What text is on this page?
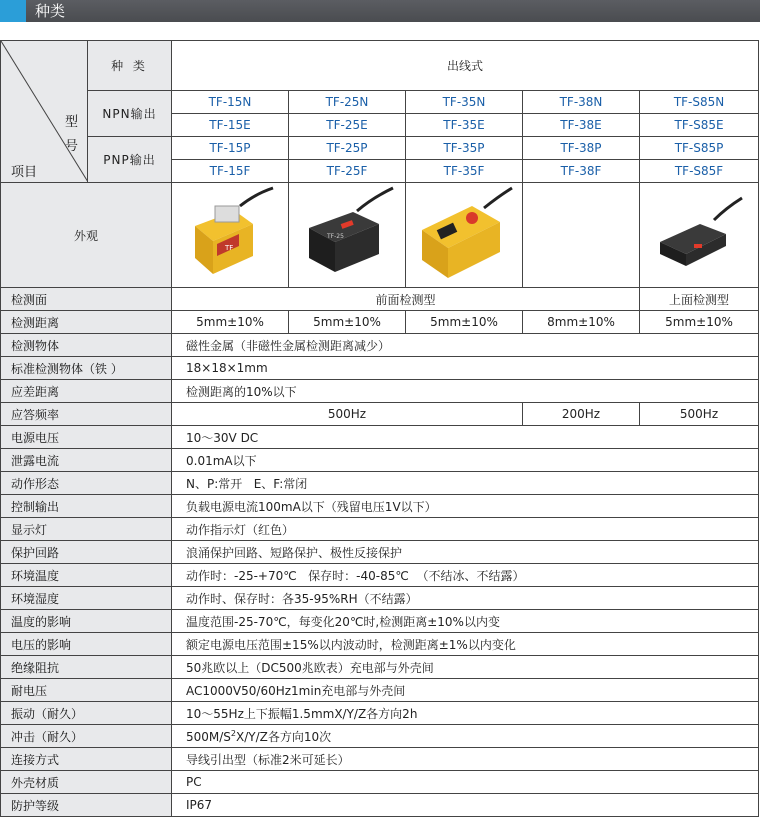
种类
型
号
项目	种 类	出线式				
	NPN输出	TF-15N	TF-25N	TF-35N	TF-38N	TF-S85N
		TF-15E	TF-25E	TF-35E	TF-38E	TF-S85E
	PNP输出	TF-15P	TF-25P	TF-35P	TF-38P	TF-S85P
		TF-15F	TF-25F	TF-35F	TF-38F	TF-S85F
外观		TF	TF-25

检测面		前面检测型				上面检测型
检测距离		5mm±10%	5mm±10%	5mm±10%	8mm±10%	5mm±10%
检测物体		磁性金属（非磁性金属检测距离减少）				
标准检测物体（铁 ）		18×18×1mm				
应差距离		检测距离的10%以下				
应答频率		500Hz			200Hz	500Hz
电源电压		10～30V DC				
泄露电流		0.01mA以下				
动作形态		N、P:常开   E、F:常闭				
控制输出		负载电源电流100mA以下（残留电压1V以下）				
显示灯		动作指示灯（红色）				
保护回路		浪涌保护回路、短路保护、极性反接保护				
环境温度		动作时：-25-+70℃   保存时：-40-85℃  （不结冰、不结露）				
环境湿度		动作时、保存时：各35-95%RH（不结露）				
温度的影响		温度范围-25-70℃，每变化20℃时,检测距离±10%以内变				
电压的影响		额定电源电压范围±15%以内波动时，检测距离±1%以内变化				
绝缘阻抗		50兆欧以上（DC500兆欧表）充电部与外壳间				
耐电压		AC1000V50/60Hz1min充电部与外壳间				
振动（耐久）		10～55Hz上下振幅1.5mmX/Y/Z各方向2h				
冲击（耐久）		$500M/S^2X/Y/Z$各方向10次				
连接方式		导线引出型（标准2米可延长）				
外壳材质		PC				
防护等级		IP67				
